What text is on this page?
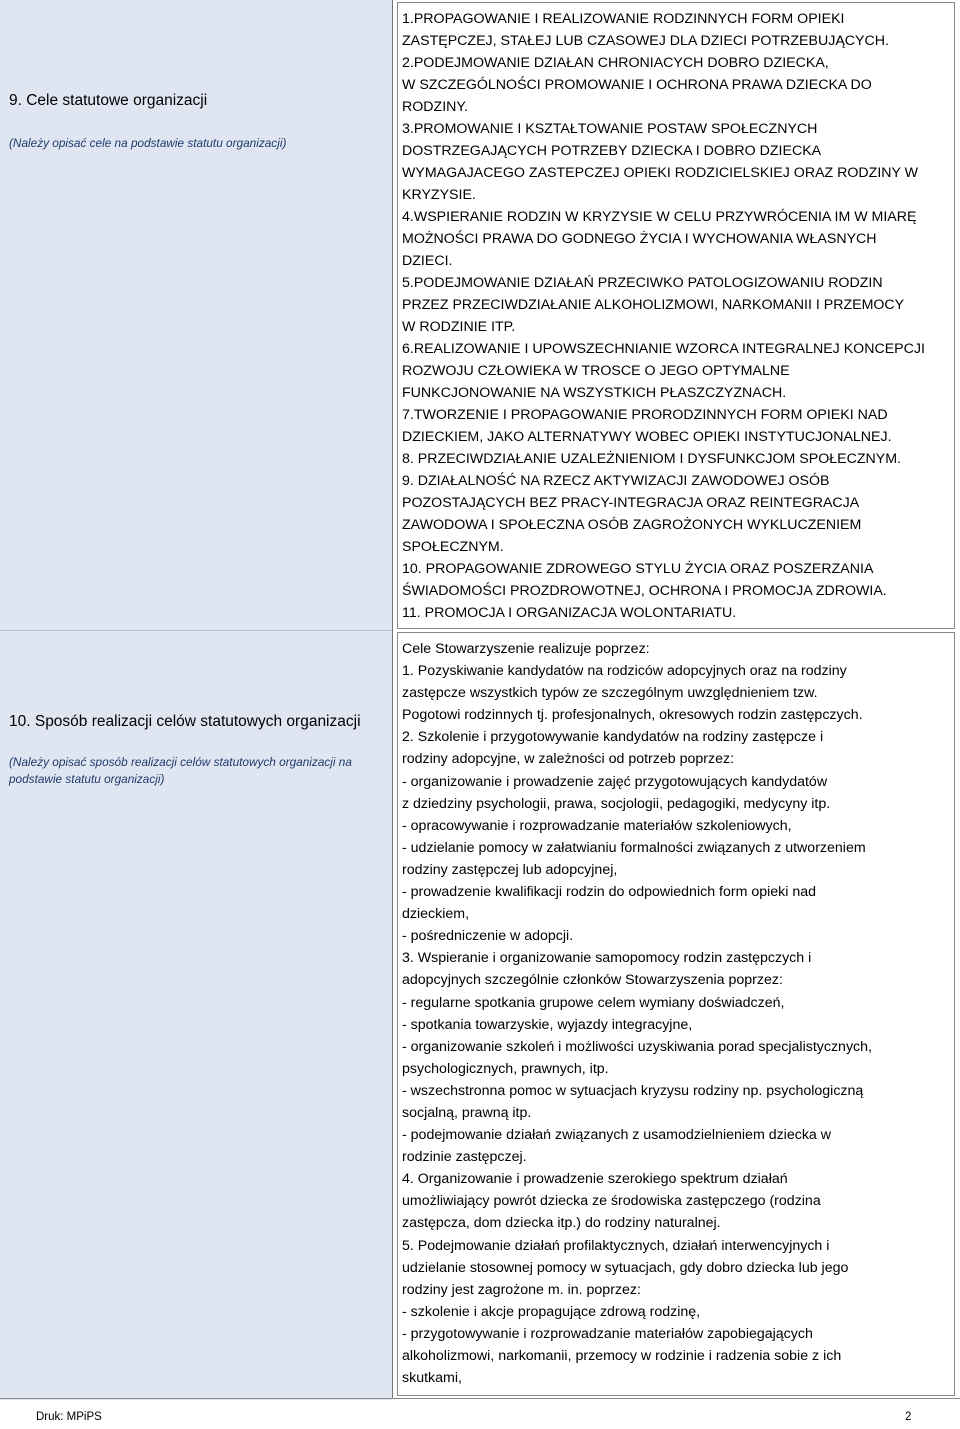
9. Cele statutowe organizacji
(Należy opisać cele na podstawie statutu organizacji)
10. Sposób realizacji celów statutowych organizacji
(Należy opisać sposób realizacji celów statutowych organizacji na podstawie statutu organizacji)
1.PROPAGOWANIE I REALIZOWANIE RODZINNYCH FORM OPIEKI
ZASTĘPCZEJ, STAŁEJ LUB CZASOWEJ DLA DZIECI POTRZEBUJĄCYCH.
2.PODEJMOWANIE DZIAŁAN CHRONIACYCH DOBRO DZIECKA,
W SZCZEGÓLNOŚCI PROMOWANIE I OCHRONA PRAWA DZIECKA DO
RODZINY.
3.PROMOWANIE I KSZTAŁTOWANIE POSTAW SPOŁECZNYCH
DOSTRZEGAJĄCYCH POTRZEBY DZIECKA I DOBRO DZIECKA
WYMAGAJACEGO ZASTEPCZEJ OPIEKI RODZICIELSKIEJ ORAZ RODZINY W
KRYZYSIE.
4.WSPIERANIE RODZIN W KRYZYSIE W CELU PRZYWRÓCENIA IM W MIARĘ
MOŻNOŚCI PRAWA DO GODNEGO ŻYCIA I WYCHOWANIA WŁASNYCH
DZIECI.
5.PODEJMOWANIE DZIAŁAŃ PRZECIWKO PATOLOGIZOWANIU RODZIN
PRZEZ PRZECIWDZIAŁANIE ALKOHOLIZMOWI, NARKOMANII I PRZEMOCY
W RODZINIE ITP.
6.REALIZOWANIE I UPOWSZECHNIANIE WZORCA INTEGRALNEJ KONCEPCJI
ROZWOJU CZŁOWIEKA W TROSCE O JEGO OPTYMALNE
FUNKCJONOWANIE NA WSZYSTKICH PŁASZCZYZNACH.
7.TWORZENIE I PROPAGOWANIE PRORODZINNYCH FORM OPIEKI NAD
DZIECKIEM, JAKO ALTERNATYWY WOBEC OPIEKI INSTYTUCJONALNEJ.
8. PRZECIWDZIAŁANIE UZALEŻNIENIOM I DYSFUNKCJOM SPOŁECZNYM.
9. DZIAŁALNOŚĆ NA RZECZ AKTYWIZACJI ZAWODOWEJ OSÓB
POZOSTAJĄCYCH BEZ PRACY-INTEGRACJA ORAZ REINTEGRACJA
ZAWODOWA I SPOŁECZNA OSÓB ZAGROŻONYCH WYKLUCZENIEM
SPOŁECZNYM.
10. PROPAGOWANIE ZDROWEGO STYLU ŻYCIA ORAZ POSZERZANIA
ŚWIADOMOŚCI PROZDROWOTNEJ, OCHRONA I PROMOCJA ZDROWIA.
11. PROMOCJA I ORGANIZACJA WOLONTARIATU.
Cele Stowarzyszenie realizuje poprzez:
1. Pozyskiwanie kandydatów na rodziców adopcyjnych oraz na rodziny
zastępcze wszystkich typów ze szczególnym uwzględnieniem tzw.
Pogotowi rodzinnych tj. profesjonalnych, okresowych rodzin zastępczych.
2. Szkolenie i przygotowywanie kandydatów na rodziny zastępcze i
rodziny adopcyjne, w zależności od potrzeb poprzez:
- organizowanie i prowadzenie zajęć przygotowujących kandydatów
z dziedziny psychologii, prawa, socjologii, pedagogiki, medycyny itp.
- opracowywanie i rozprowadzanie materiałów szkoleniowych,
- udzielanie pomocy w załatwianiu formalności związanych z utworzeniem
rodziny zastępczej lub adopcyjnej,
- prowadzenie kwalifikacji rodzin do odpowiednich form opieki nad
dzieckiem,
- pośredniczenie w adopcji.
3. Wspieranie i organizowanie samopomocy rodzin zastępczych i
adopcyjnych szczególnie członków Stowarzyszenia poprzez:
- regularne spotkania grupowe celem wymiany doświadczeń,
- spotkania towarzyskie, wyjazdy integracyjne,
- organizowanie szkoleń i możliwości uzyskiwania porad specjalistycznych,
psychologicznych, prawnych, itp.
- wszechstronna pomoc w sytuacjach kryzysu rodziny np. psychologiczną
socjalną, prawną itp.
- podejmowanie działań związanych z usamodzielnieniem dziecka w
rodzinie zastępczej.
4. Organizowanie i prowadzenie szerokiego spektrum działań
umożliwiający powrót dziecka ze środowiska zastępczego (rodzina
zastępcza, dom dziecka itp.) do rodziny naturalnej.
5. Podejmowanie działań profilaktycznych, działań interwencyjnych i
udzielanie stosownej pomocy w sytuacjach, gdy dobro dziecka lub jego
rodziny jest zagrożone m. in. poprzez:
- szkolenie i akcje propagujące zdrową rodzinę,
- przygotowywanie i rozprowadzanie materiałów zapobiegających
alkoholizmowi, narkomanii, przemocy w rodzinie i radzenia sobie z ich
skutkami,
Druk: MPiPS	2
